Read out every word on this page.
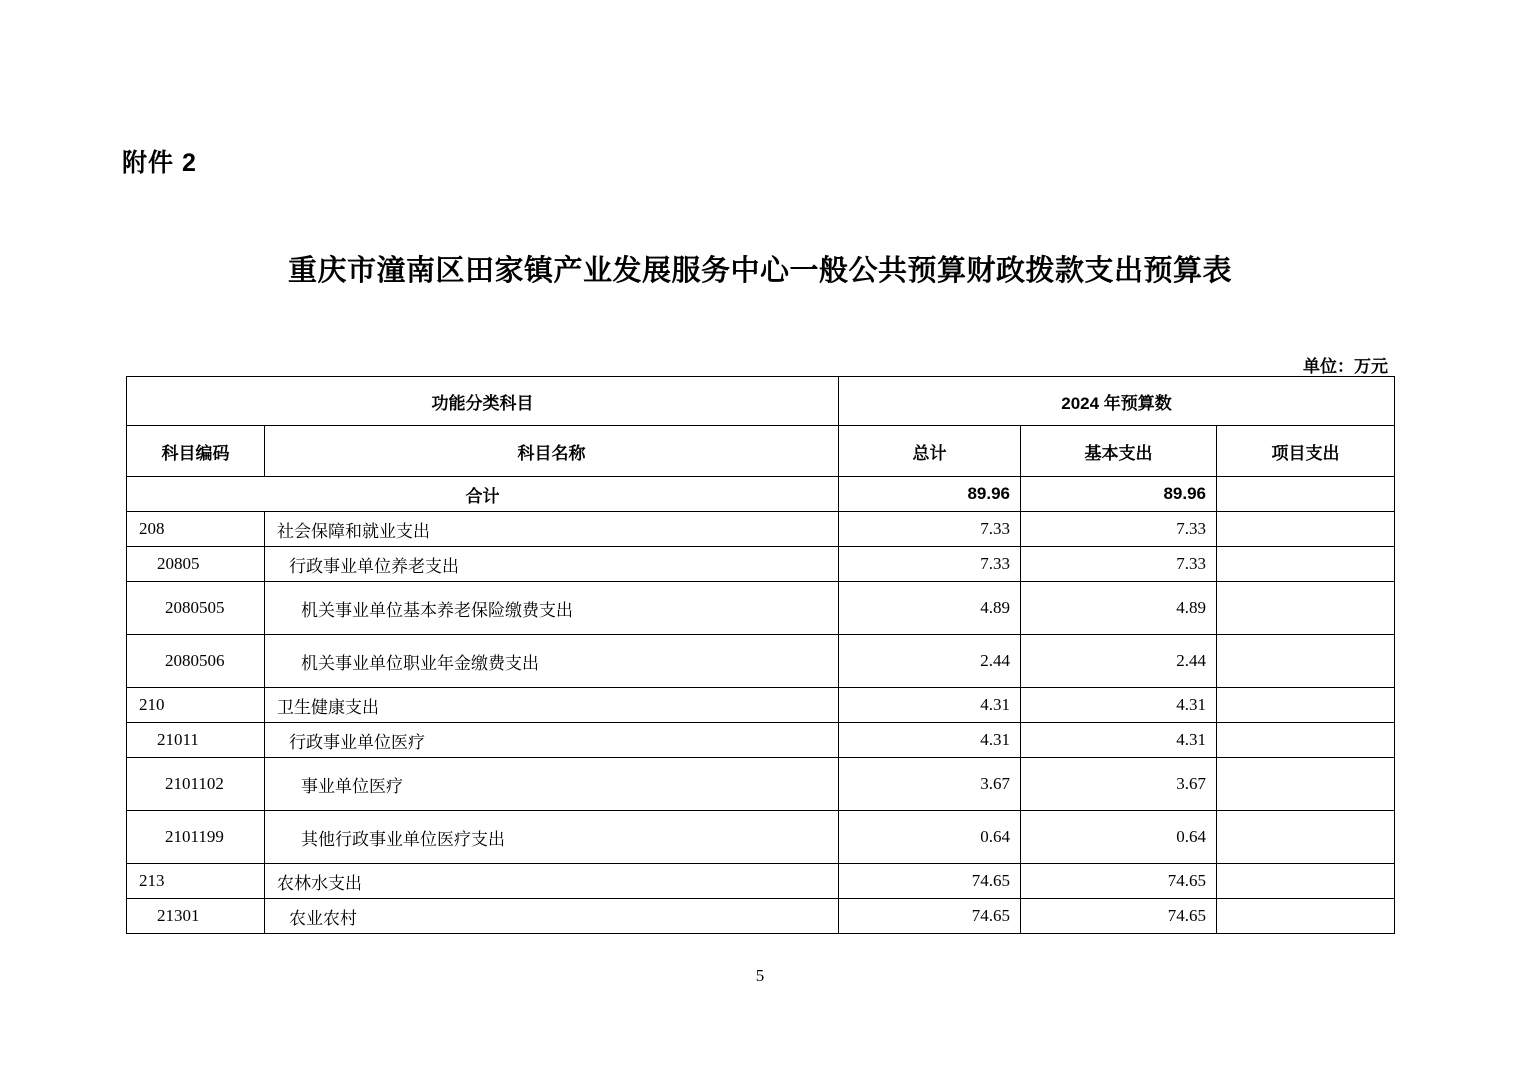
附件 2
重庆市潼南区田家镇产业发展服务中心一般公共预算财政拨款支出预算表
单位：万元
功能分类科目		2024 年预算数		
科目编码	科目名称	总计	基本支出	项目支出
合计		89.96	89.96	
208	社会保障和就业支出	7.33	7.33	
20805	行政事业单位养老支出	7.33	7.33	
2080505	机关事业单位基本养老保险缴费支出	4.89	4.89	
2080506	机关事业单位职业年金缴费支出	2.44	2.44	
210	卫生健康支出	4.31	4.31	
21011	行政事业单位医疗	4.31	4.31	
2101102	事业单位医疗	3.67	3.67	
2101199	其他行政事业单位医疗支出	0.64	0.64	
213	农林水支出	74.65	74.65	
21301	农业农村	74.65	74.65	
5
